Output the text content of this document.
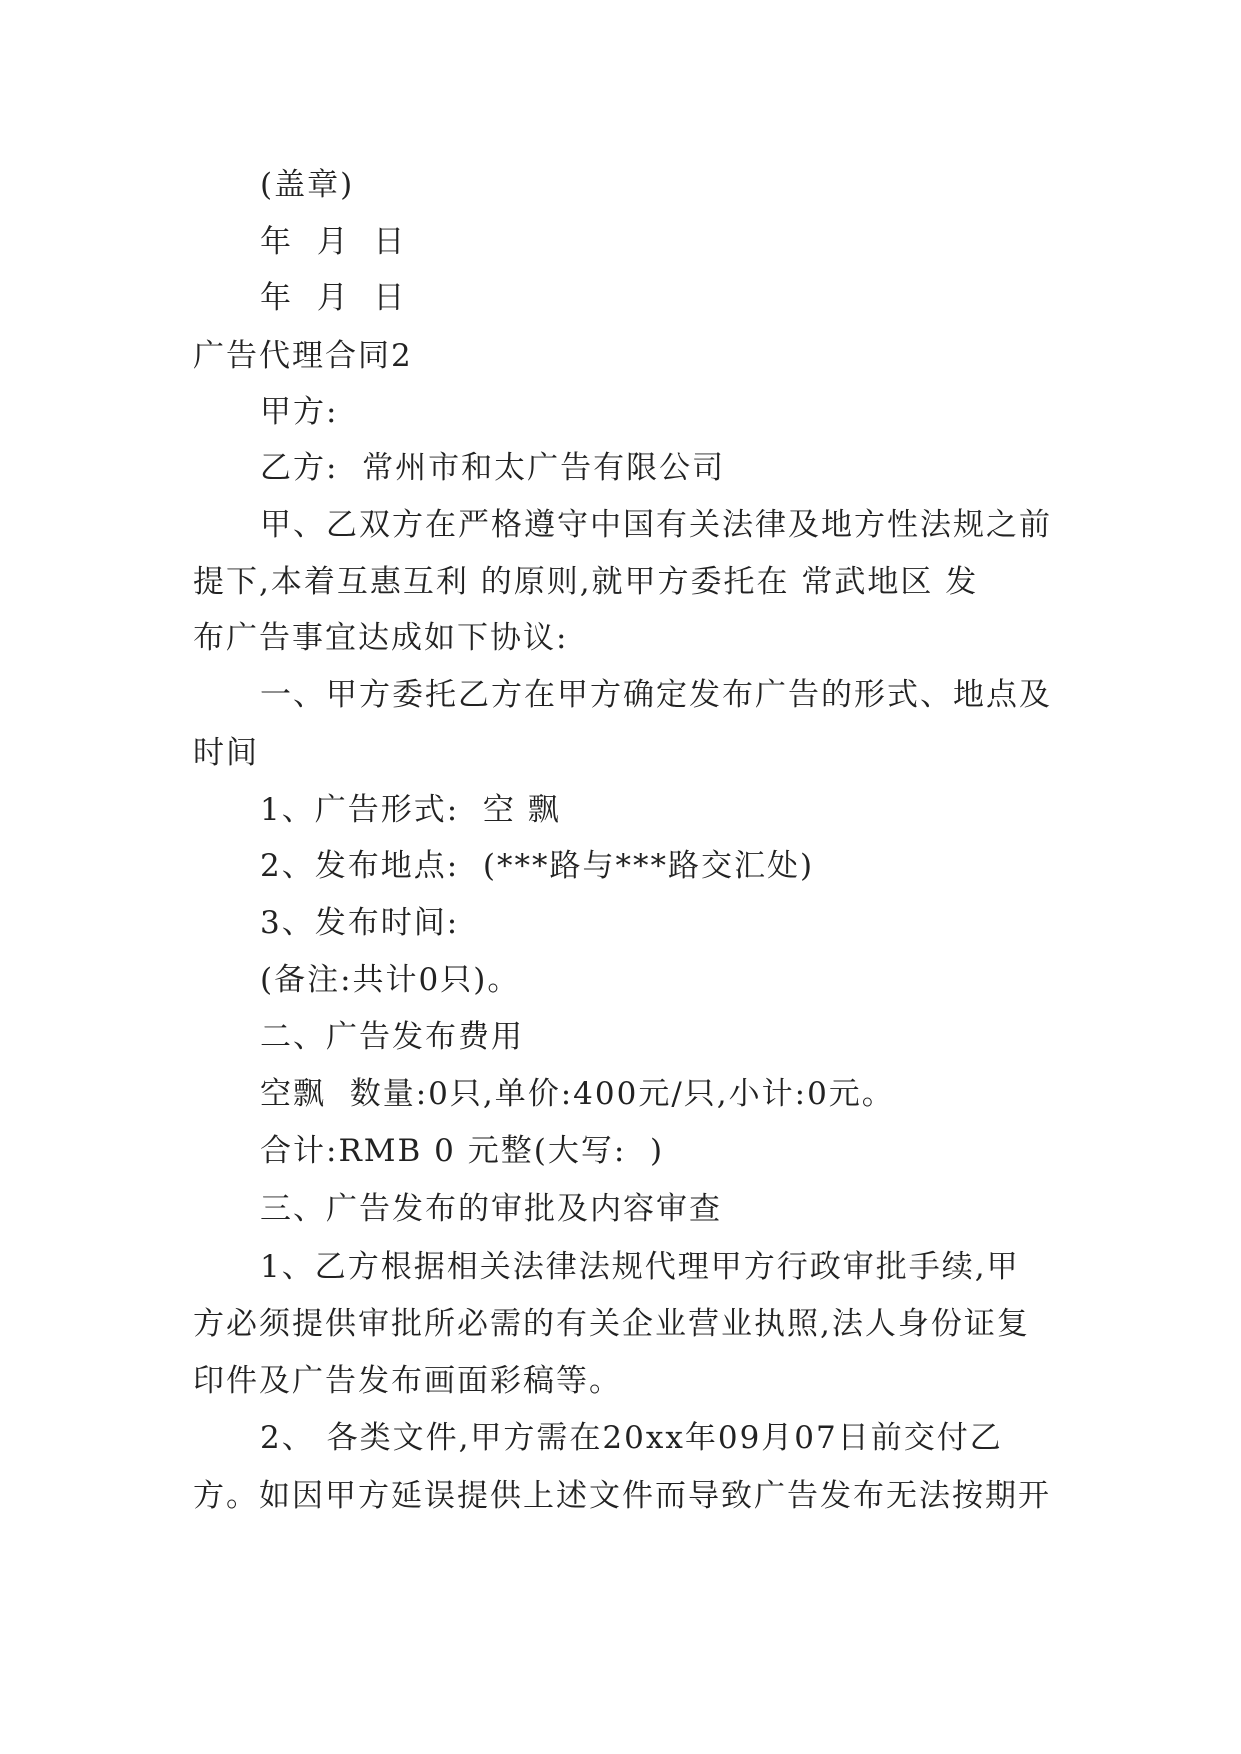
(盖章)
年  月  日
年  月  日
广告代理合同2
甲方:
乙方:  常州市和太广告有限公司
甲、乙双方在严格遵守中国有关法律及地方性法规之前
提下,本着互惠互利 的原则,就甲方委托在 常武地区 发
布广告事宜达成如下协议:
一、甲方委托乙方在甲方确定发布广告的形式、地点及
时间
1、广告形式:  空 飘
2、发布地点:  (***路与***路交汇处)
3、发布时间:
(备注:共计0只)。
二、广告发布费用
空飘  数量:0只,单价:400元/只,小计:0元。
合计:RMB 0 元整(大写:  )
三、广告发布的审批及内容审查
1、乙方根据相关法律法规代理甲方行政审批手续,甲
方必须提供审批所必需的有关企业营业执照,法人身份证复
印件及广告发布画面彩稿等。
2、 各类文件,甲方需在20xx年09月07日前交付乙
方。如因甲方延误提供上述文件而导致广告发布无法按期开
